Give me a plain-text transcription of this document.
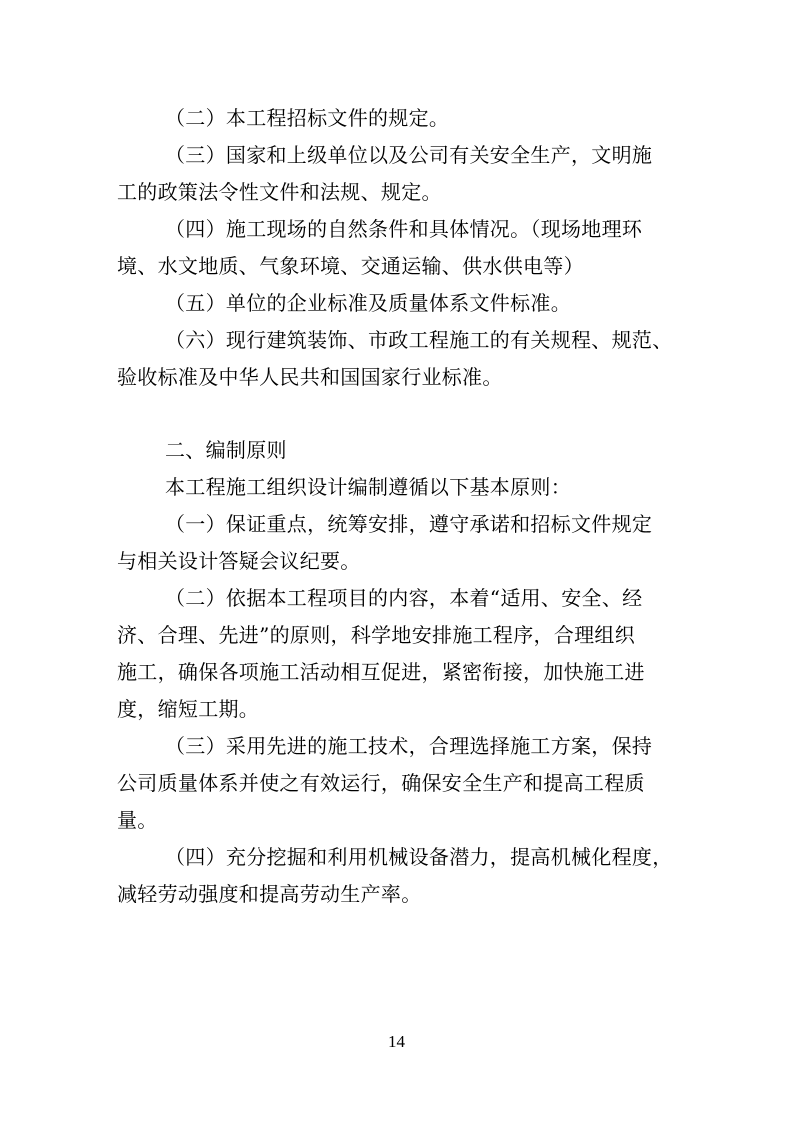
（二）本工程招标文件的规定。
（三）国家和上级单位以及公司有关安全生产，文明施
工的政策法令性文件和法规、规定。
（四）施工现场的自然条件和具体情况。（现场地理环
境、水文地质、气象环境、交通运输、供水供电等）
（五）单位的企业标准及质量体系文件标准。
（六）现行建筑装饰、市政工程施工的有关规程、规范、
验收标准及中华人民共和国国家行业标准。
二、编制原则
本工程施工组织设计编制遵循以下基本原则：
（一）保证重点，统筹安排，遵守承诺和招标文件规定
与相关设计答疑会议纪要。
（二）依据本工程项目的内容，本着“适用、安全、经
济、合理、先进”的原则，科学地安排施工程序，合理组织
施工，确保各项施工活动相互促进，紧密衔接，加快施工进
度，缩短工期。
（三）采用先进的施工技术，合理选择施工方案，保持
公司质量体系并使之有效运行，确保安全生产和提高工程质
量。
（四）充分挖掘和利用机械设备潜力，提高机械化程度，
减轻劳动强度和提高劳动生产率。
14
